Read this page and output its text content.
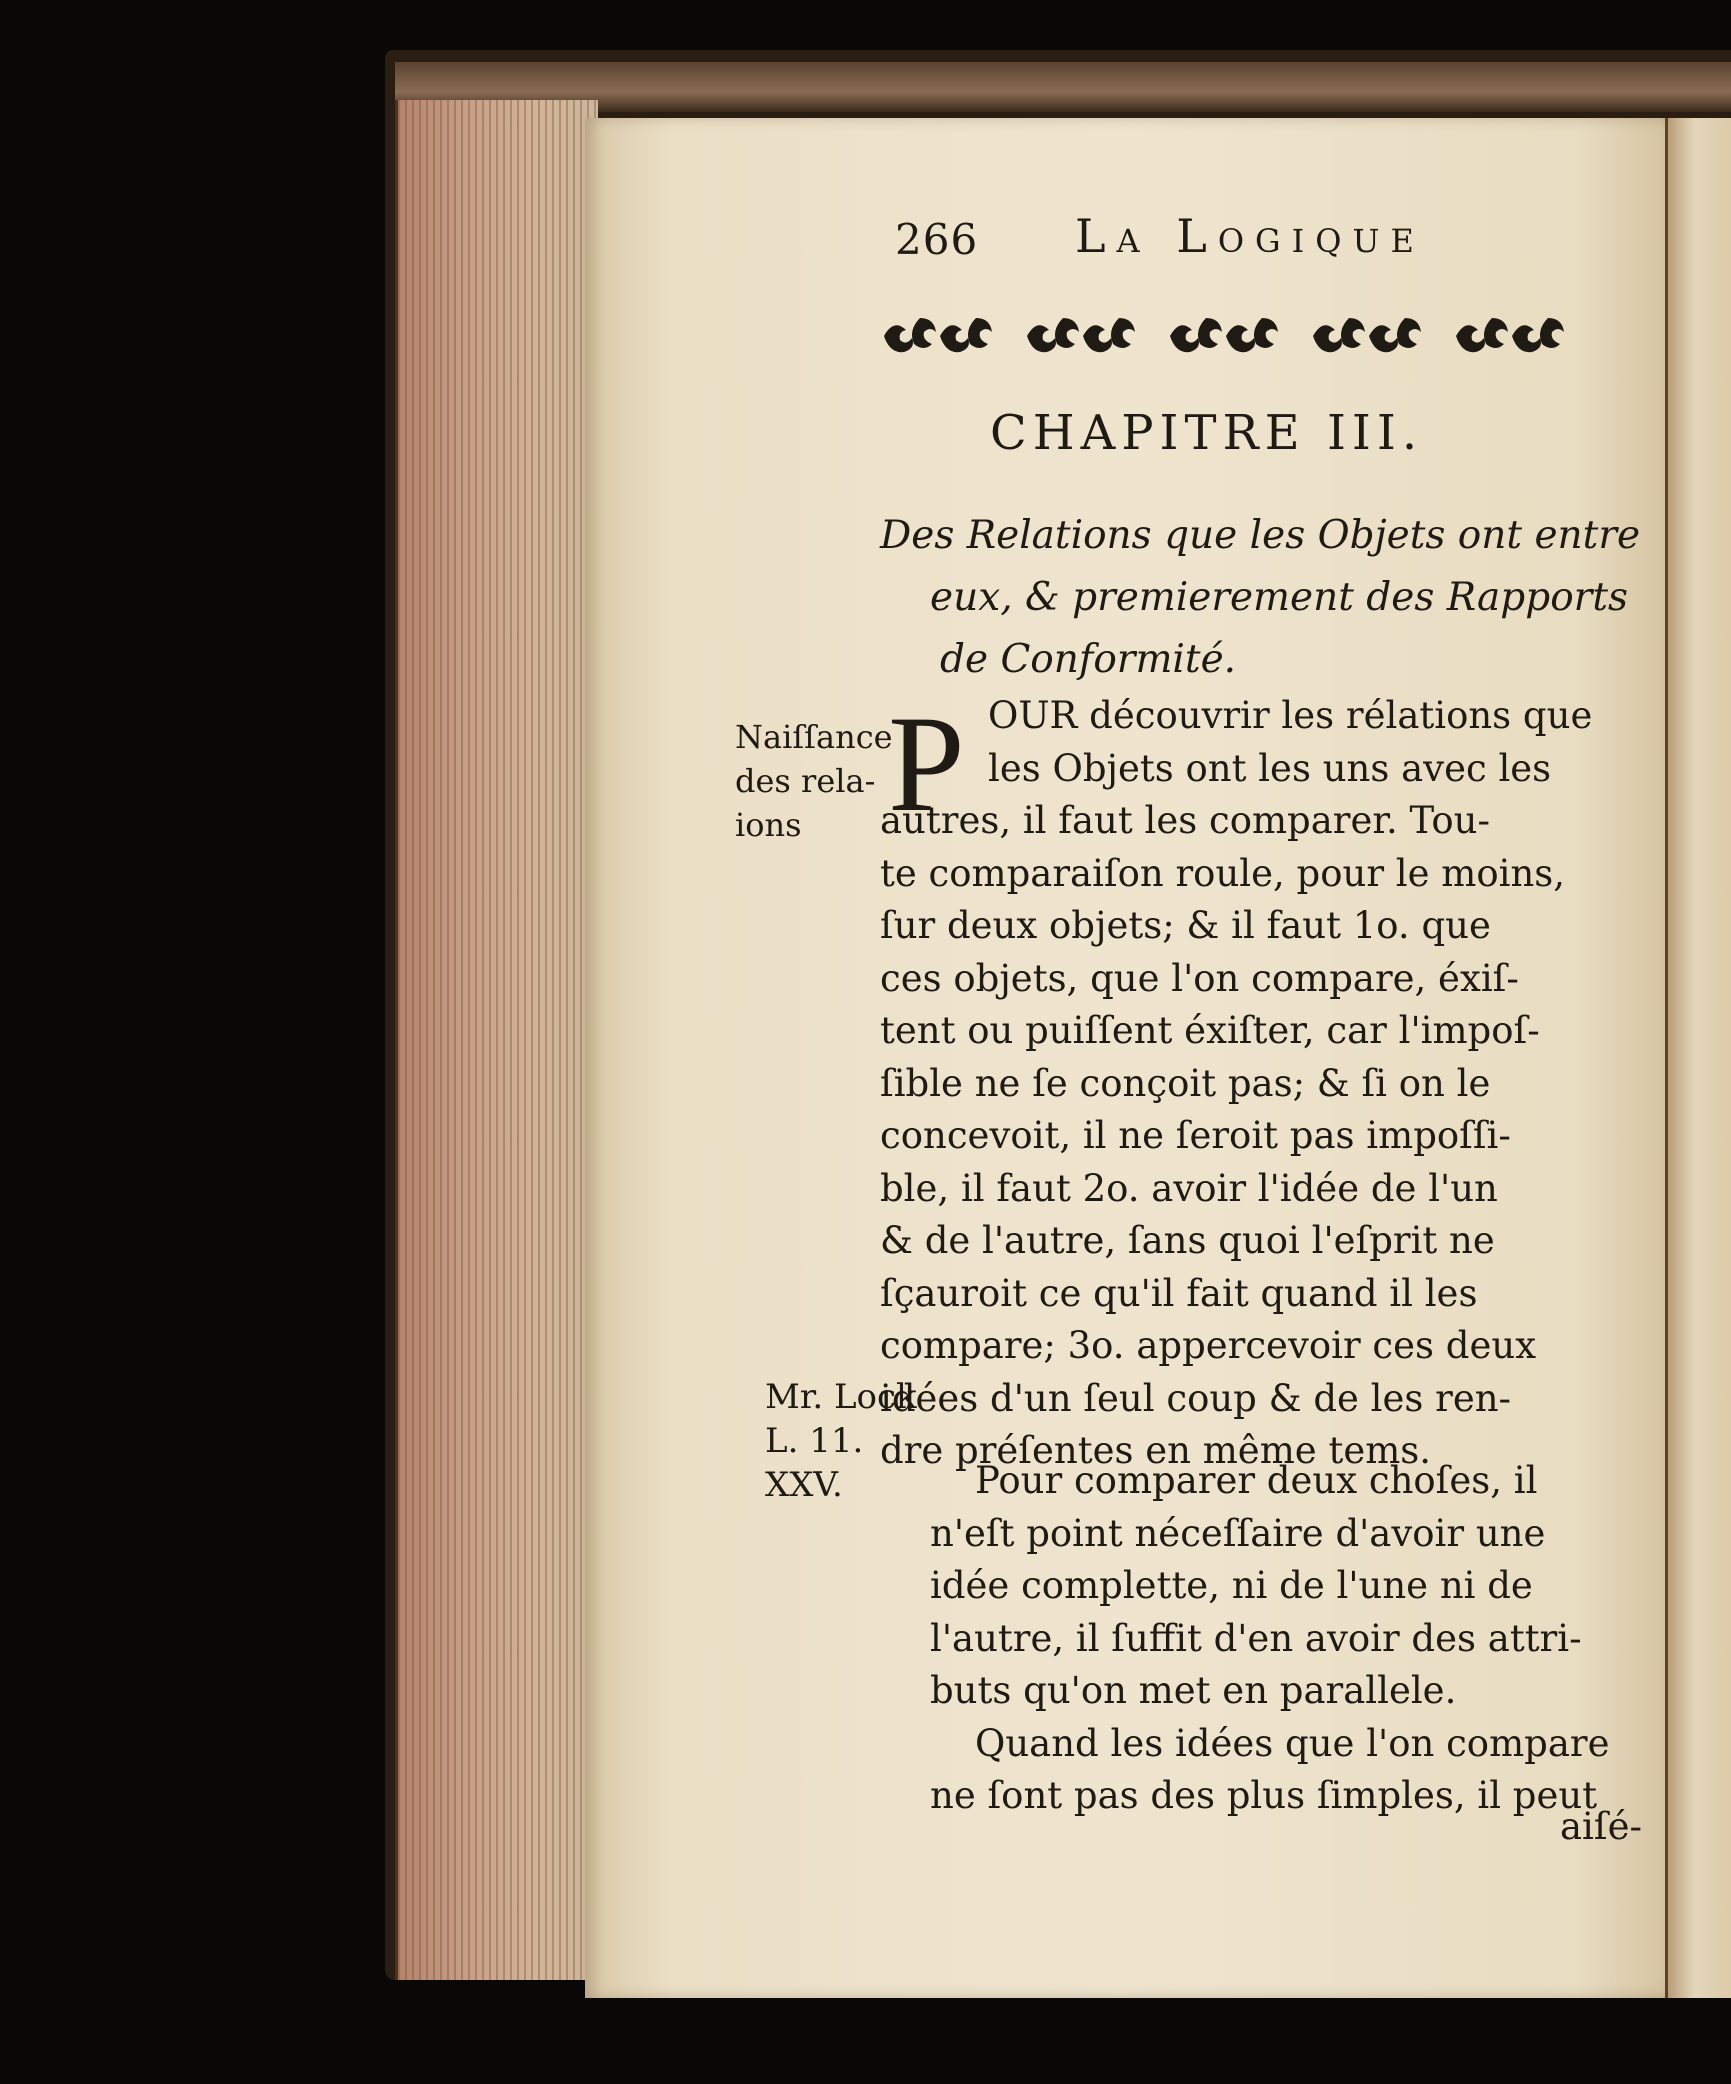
266 La Logique
CHAPITRE III.
Des Relations que les Objets ont entre
eux, & premierement des Rapports
de Conformité.
Naiſſance
des rela-
ions P OUR découvrir les rélations que
les Objets ont les uns avec les
autres, il faut les comparer. Tou-
te comparaiſon roule, pour le moins,
ſur deux objets; & il faut 1o. que
ces objets, que l'on compare, éxiſ-
tent ou puiſſent éxiſter, car l'impoſ-
ſible ne ſe conçoit pas; & ſi on le
concevoit, il ne ſeroit pas impoſſi-
ble, il faut 2o. avoir l'idée de l'un
& de l'autre, ſans quoi l'eſprit ne
ſçauroit ce qu'il fait quand il les
compare; 3o. appercevoir ces deux
idées d'un ſeul coup & de les ren-
dre préſentes en même tems.
Mr. Lock
L. 11.
XXV.	Pour comparer deux choſes, il
n'eſt point néceſſaire d'avoir une
idée complette, ni de l'une ni de
l'autre, il ſuffit d'en avoir des attri-
buts qu'on met en parallele.
Quand les idées que l'on compare
ne ſont pas des plus ſimples, il peut
aiſé-
